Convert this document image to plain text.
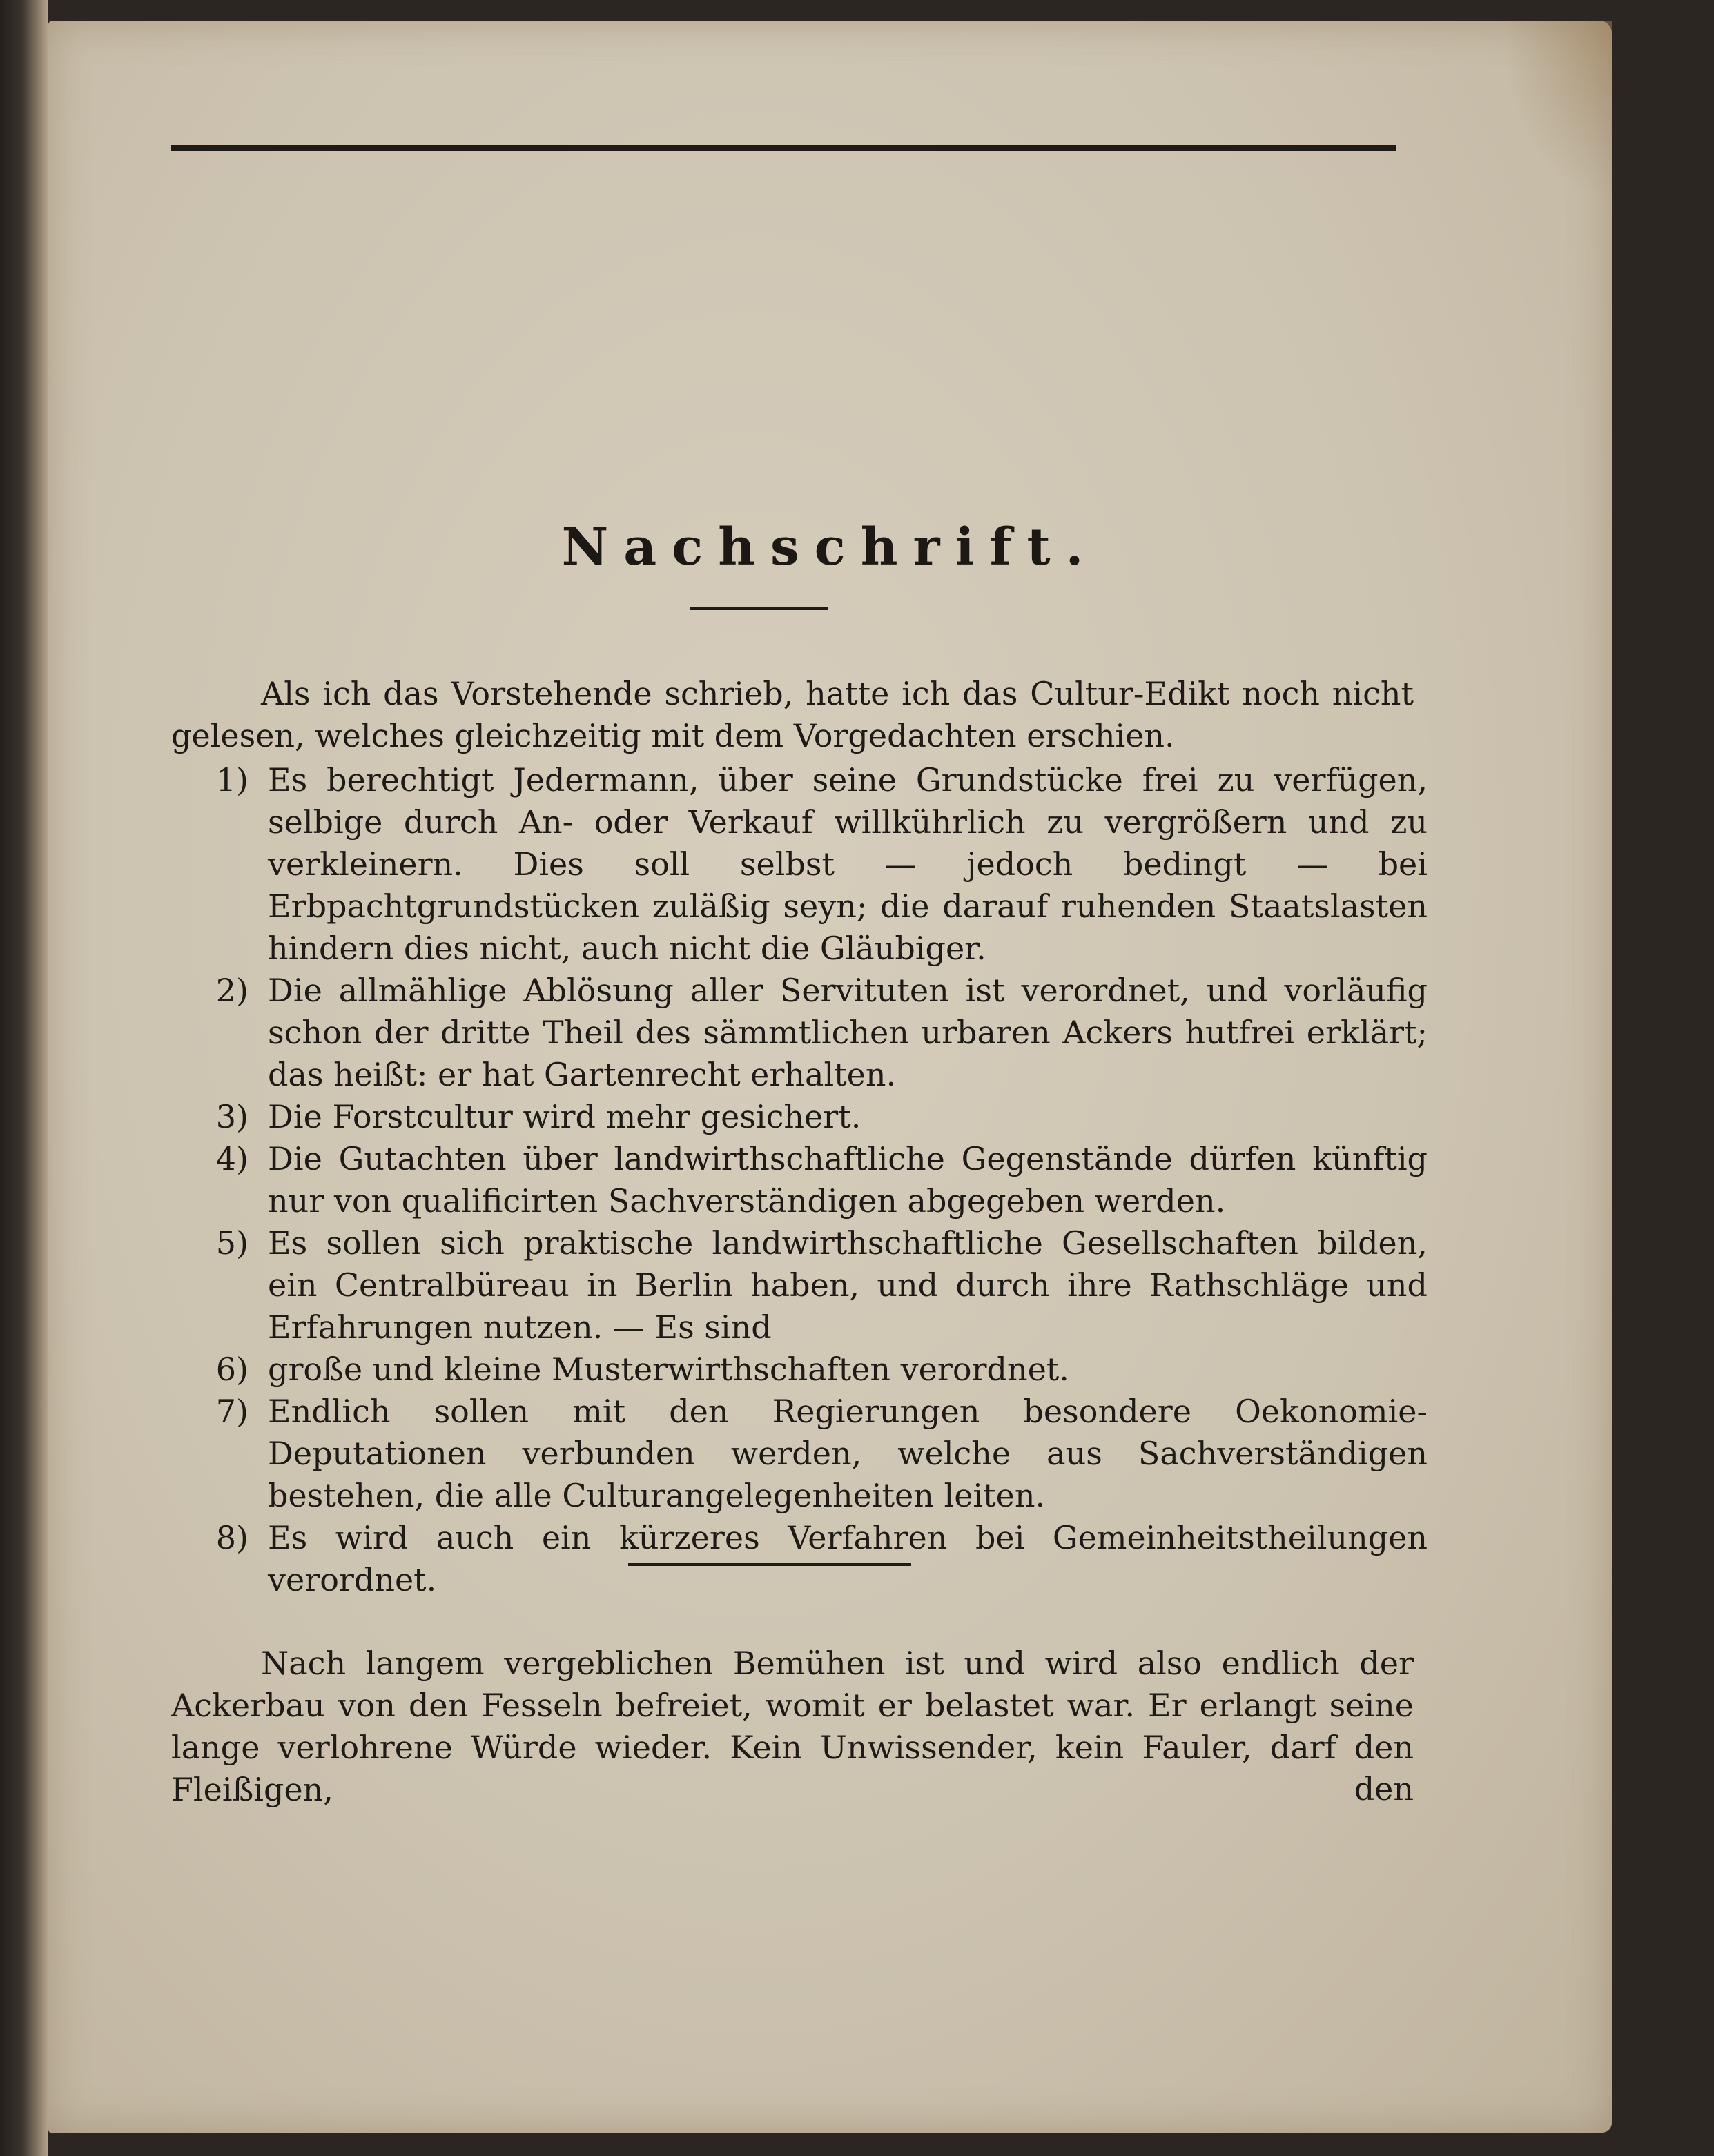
Nachschrift.
Als ich das Vorstehende schrieb, hatte ich das Cultur-Edikt noch nicht gelesen, welches gleichzeitig mit dem Vorgedachten erschien.
1) Es berechtigt Jedermann, über seine Grundstücke frei zu verfügen, selbige durch An- oder Verkauf willkührlich zu vergrößern und zu verkleinern. Dies soll selbst — jedoch bedingt — bei Erbpachtgrundstücken zuläßig seyn; die darauf ruhenden Staatslasten hindern dies nicht, auch nicht die Gläubiger.
2) Die allmählige Ablösung aller Servituten ist verordnet, und vorläufig schon der dritte Theil des sämmtlichen urbaren Ackers hutfrei erklärt; das heißt: er hat Gartenrecht erhalten.
3) Die Forstcultur wird mehr gesichert.
4) Die Gutachten über landwirthschaftliche Gegenstände dürfen künftig nur von qualificirten Sachverständigen abgegeben werden.
5) Es sollen sich praktische landwirthschaftliche Gesellschaften bilden, ein Centralbüreau in Berlin haben, und durch ihre Rathschläge und Erfahrungen nutzen. — Es sind
6) große und kleine Musterwirthschaften verordnet.
7) Endlich sollen mit den Regierungen besondere Oekonomie-Deputationen verbunden werden, welche aus Sachverständigen bestehen, die alle Culturangelegenheiten leiten.
8) Es wird auch ein kürzeres Verfahren bei Gemeinheitstheilungen verordnet.
Nach langem vergeblichen Bemühen ist und wird also endlich der Ackerbau von den Fesseln befreiet, womit er belastet war. Er erlangt seine lange verlohrene Würde wieder. Kein Unwissender, kein Fauler, darf den Fleißigen,	den
